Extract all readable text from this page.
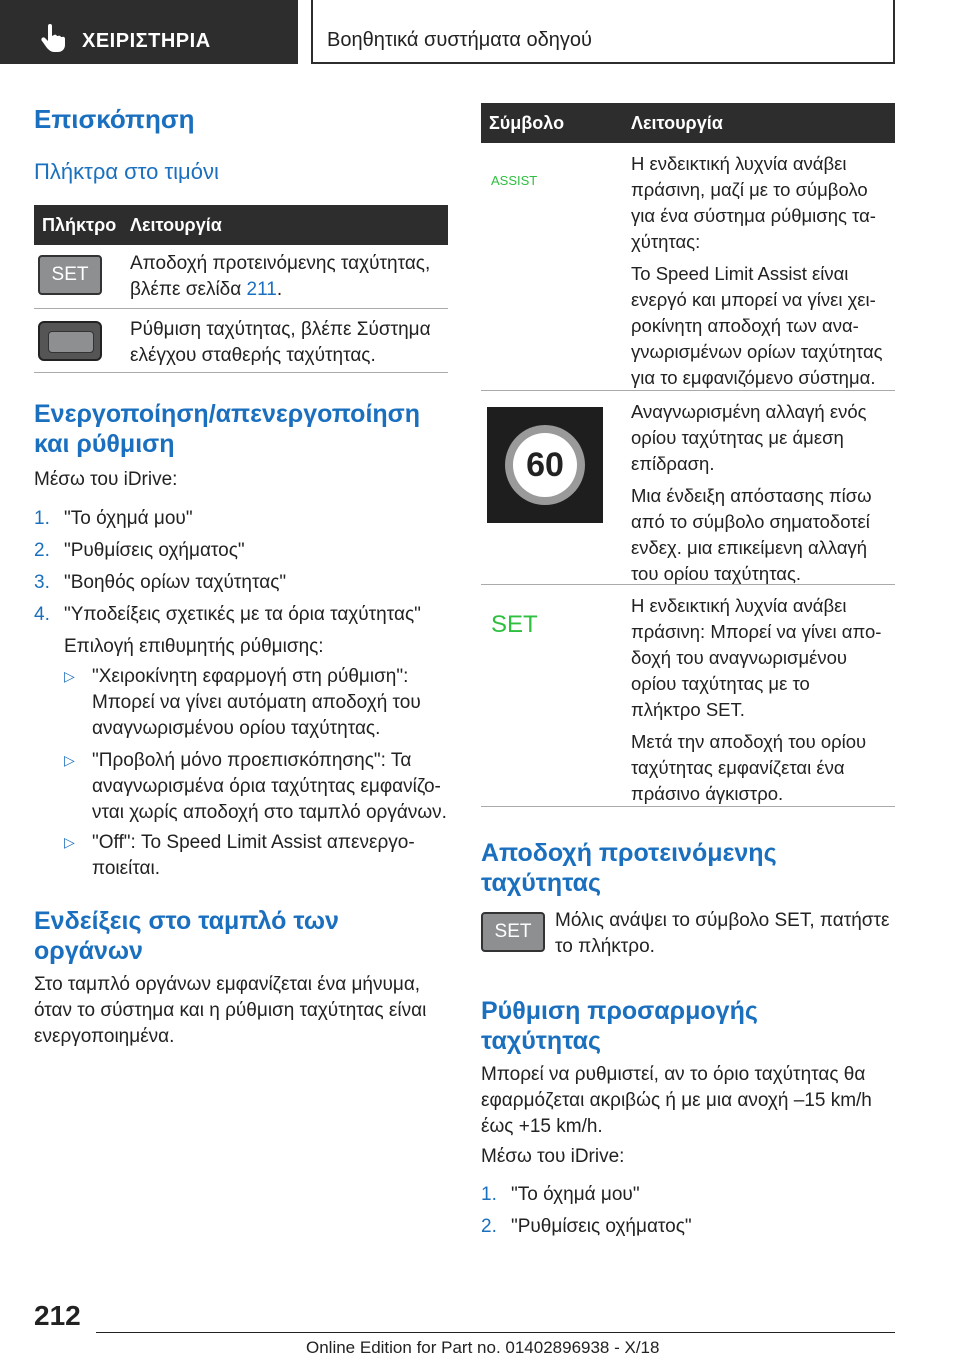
ΧΕΙΡΙΣΤΗΡΙΑ	Βοηθητικά συστήματα οδηγού
Επισκόπηση
Πλήκτρα στο τιμόνι
Πλήκτρο Λειτουργία
SET
Αποδοχή προτεινόμενης ταχύτητας,
βλέπε σελίδα 211.
Ρύθμιση ταχύτητας, βλέπε Σύστημα
ελέγχου σταθερής ταχύτητας.
Ενεργοποίηση/απενεργοποίηση
και ρύθμιση
Μέσω του iDrive:
1. "Το όχημά μου"
2. "Ρυθμίσεις οχήματος"
3. "Βοηθός ορίων ταχύτητας"
4. "Υποδείξεις σχετικές με τα όρια ταχύτητας"
Επιλογή επιθυμητής ρύθμισης:
▷ "Χειροκίνητη εφαρμογή στη ρύθμιση":
Μπορεί να γίνει αυτόματη αποδοχή του
αναγνωρισμένου ορίου ταχύτητας.
▷ "Προβολή μόνο προεπισκόπησης": Τα
αναγνωρισμένα όρια ταχύτητας εμφανίζο-
νται χωρίς αποδοχή στο ταμπλό οργάνων.
▷ "Off": Το Speed Limit Assist απενεργο-
ποιείται.
Ενδείξεις στο ταμπλό των
οργάνων
Στο ταμπλό οργάνων εμφανίζεται ένα μήνυμα,
όταν το σύστημα και η ρύθμιση ταχύτητας είναι
ενεργοποιημένα.
Σύμβολο	Λειτουργία
ASSIST
Η ενδεικτική λυχνία ανάβει
πράσινη, μαζί με το σύμβολο
για ένα σύστημα ρύθμισης τα-
χύτητας:
Το Speed Limit Assist είναι
ενεργό και μπορεί να γίνει χει-
ροκίνητη αποδοχή των ανα-
γνωρισμένων ορίων ταχύτητας
για το εμφανιζόμενο σύστημα.
60
Αναγνωρισμένη αλλαγή ενός
ορίου ταχύτητας με άμεση
επίδραση.
Μια ένδειξη απόστασης πίσω
από το σύμβολο σηματοδοτεί
ενδεχ. μια επικείμενη αλλαγή
του ορίου ταχύτητας.
SET
Η ενδεικτική λυχνία ανάβει
πράσινη: Μπορεί να γίνει απο-
δοχή του αναγνωρισμένου
ορίου ταχύτητας με το
πλήκτρο SET.
Μετά την αποδοχή του ορίου
ταχύτητας εμφανίζεται ένα
πράσινο άγκιστρο.
Αποδοχή προτεινόμενης
ταχύτητας
SET
Μόλις ανάψει το σύμβολο SET, πατήστε
το πλήκτρο.
Ρύθμιση προσαρμογής
ταχύτητας
Μπορεί να ρυθμιστεί, αν το όριο ταχύτητας θα
εφαρμόζεται ακριβώς ή με μια ανοχή –15 km/h
έως +15 km/h.
Μέσω του iDrive:
1. "Το όχημά μου"
2. "Ρυθμίσεις οχήματος"
212
Online Edition for Part no. 01402896938 - X/18
